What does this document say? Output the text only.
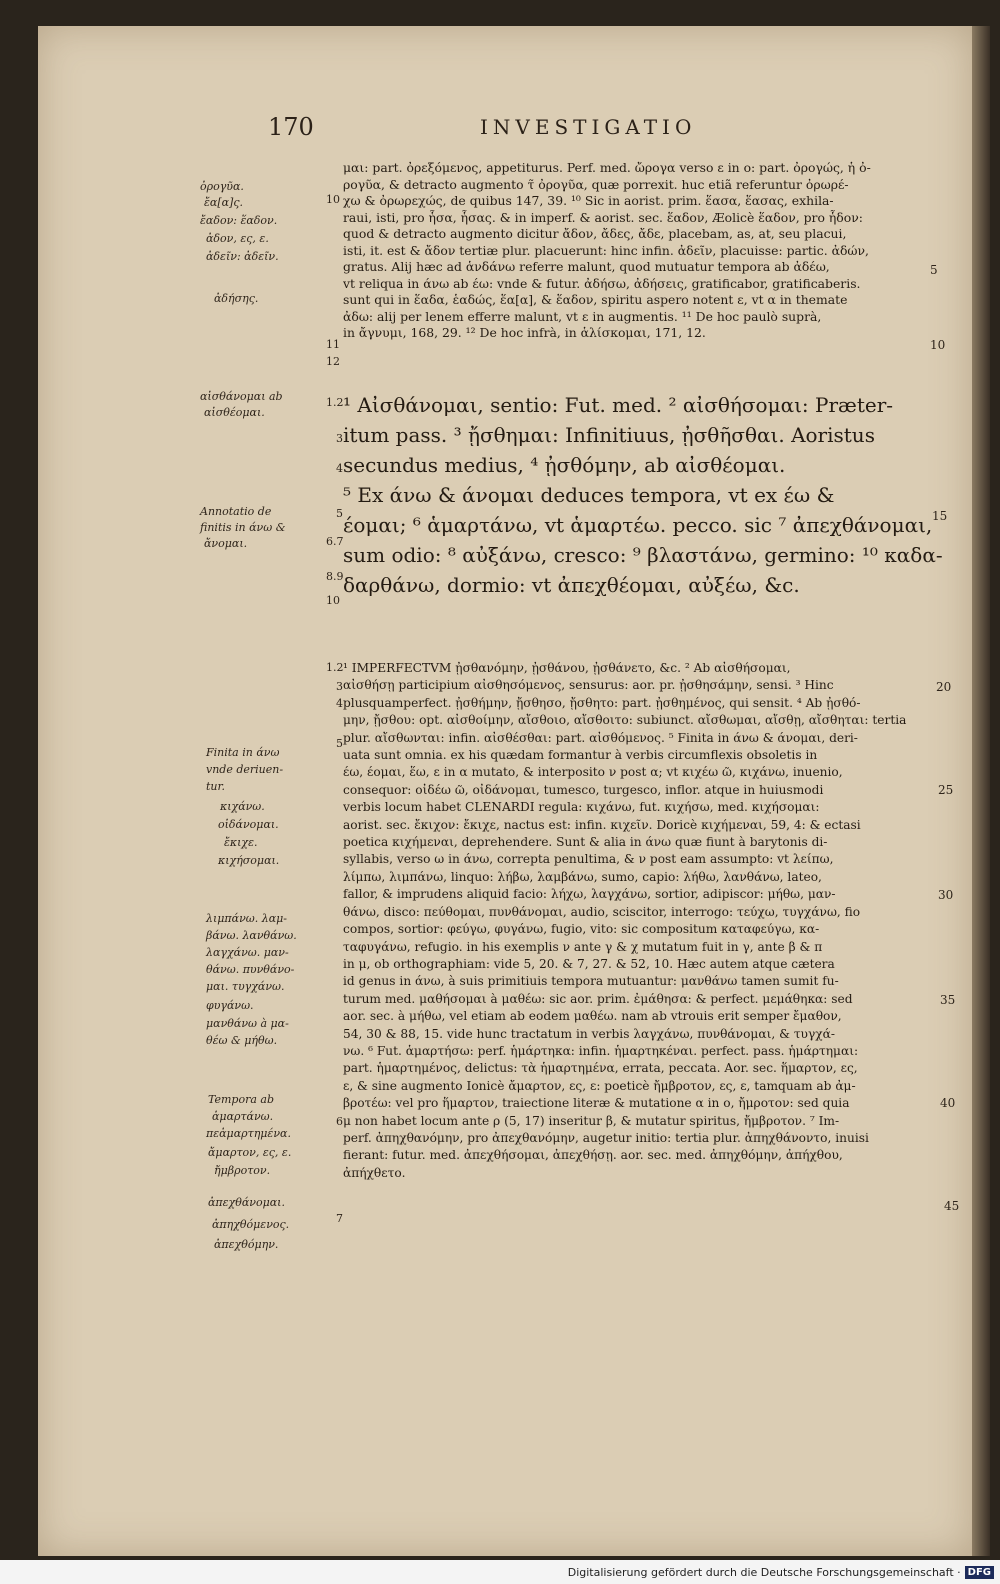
170	INVESTIGATIO
ὀρογῦα.
ἔα[α]ς.
ἔαδον: ἕαδον.
ἀδον, ες, ε.
ἀδεῖν: ἀδεῖν.
ἀδήσης.
αἰσθάνομαι ab
αἰσθέομαι.
Annotatio de
finitis in άνω &
ἄνομαι.
Finita in άνω
vnde deriuen-
tur.
κιχάνω.
οἰδάνομαι.
ἔκιχε.
κιχήσομαι.
λιμπάνω. λαμ-
βάνω. λανθάνω.
λαγχάνω. μαν-
θάνω. πυνθάνο-
μαι. τυγχάνω.
φυγάνω.
μανθάνω à μα-
θέω & μήθω.
Tempora ab
ἁμαρτάνω.
πεἁμαρτημένα.
ἄμαρτον, ες, ε.
ἤμβροτον.
ἀπεχθάνομαι.
ἀπηχθόμενος.
ἀπεχθόμην.
10
11
12
1.2
3
4
5
6.7
8.9
10
1.2
3
4
5
6
7
5
10
15
20
25
30
35
40
45
μαι: part. ὀρεξόμενος, appetiturus. Perf. med. ὤρογα verso ε in ο: part. ὀρογώς, ἡ ὀ-
ρογῦα, & detracto augmento τ̃ ὀρογῦα, quæ porrexit. huc etiã referuntur ὀρωρέ-
χω & ὀρωρεχώς, de quibus 147, 39. ¹⁰ Sic in aorist. prim. ἕασα, ἕασας, exhila-
raui, isti, pro ἧσα, ἧσας. & in imperf. & aorist. sec. ἕαδον, Æolicè ἕαδον, pro ἧδον:
quod & detracto augmento dicitur ἄδον, ἄδες, ἄδε, placebam, as, at, seu placui,
isti, it. est & ἄδον tertiæ plur. placuerunt: hinc infin. ἀδεῖν, placuisse: partic. ἀδών,
gratus. Alij hæc ad ἁνδάνω referre malunt, quod mutuatur tempora ab ἀδέω,
vt reliqua in άνω ab έω: vnde & futur. ἀδήσω, ἀδήσεις, gratificabor, gratificaberis.
sunt qui in ἕαδα, ἑαδώς, ἕα[α], & ἕαδον, spiritu aspero notent ε, vt α in themate
ἀδω: alij per lenem efferre malunt, vt ε in augmentis. ¹¹ De hoc paulò suprà,
in ἄγνυμι, 168, 29. ¹² De hoc infrà, in ἁλίσκομαι, 171, 12.
¹ Αἰσθάνομαι, sentio: Fut. med. ² αἰσθήσομαι: Præter-
itum pass. ³ ᾔσθημαι: Infinitiuus, ᾐσθῆσθαι. Aoristus
secundus medius, ⁴ ᾐσθόμην, ab αἰσθέομαι.
⁵ Ex άνω & άνομαι deduces tempora, vt ex έω &
έομαι; ⁶ ἁμαρτάνω, vt ἁμαρτέω. pecco. sic ⁷ ἀπεχθάνομαι,
sum odio: ⁸ αὐξάνω, cresco: ⁹ βλαστάνω, germino: ¹⁰ καδα-
δαρθάνω, dormio: vt ἀπεχθέομαι, αὐξέω, &c.
¹ IMPERFECTVM ᾐσθανόμην, ᾐσθάνου, ᾐσθάνετο, &c. ² Ab αἰσθήσομαι,
αἰσθήσῃ participium αἰσθησόμενος, sensurus: aor. pr. ᾐσθησάμην, sensi. ³ Hinc
plusquamperfect. ᾐσθήμην, ᾔσθησο, ᾔσθητο: part. ᾐσθημένος, qui sensit. ⁴ Ab ᾐσθό-
μην, ᾔσθου: opt. αἰσθοίμην, αἴσθοιο, αἴσθοιτο: subiunct. αἴσθωμαι, αἴσθῃ, αἴσθηται: tertia
plur. αἴσθωνται: infin. αἰσθέσθαι: part. αἰσθόμενος. ⁵ Finita in άνω & άνομαι, deri-
uata sunt omnia. ex his quædam formantur à verbis circumflexis obsoletis in
έω, έομαι, ἕω, ε in α mutato, & interposito ν post α; vt κιχέω ῶ, κιχάνω, inuenio,
consequor: οἰδέω ῶ, οἰδάνομαι, tumesco, turgesco, inflor. atque in huiusmodi
verbis locum habet CLENARDI regula: κιχάνω, fut. κιχήσω, med. κιχήσομαι:
aorist. sec. ἔκιχον: ἔκιχε, nactus est: infin. κιχεῖν. Doricè κιχήμεναι, 59, 4: & ectasi
poetica κιχήμεναι, deprehendere. Sunt & alia in άνω quæ fiunt à barytonis di-
syllabis, verso ω in άνω, correpta penultima, & ν post eam assumpto: vt λείπω,
λίμπω, λιμπάνω, linquo: λήβω, λαμβάνω, sumo, capio: λήθω, λανθάνω, lateo,
fallor, & imprudens aliquid facio: λήχω, λαγχάνω, sortior, adipiscor: μήθω, μαν-
θάνω, disco: πεύθομαι, πυνθάνομαι, audio, sciscitor, interrogo: τεύχω, τυγχάνω, fio
compos, sortior: φεύγω, φυγάνω, fugio, vito: sic compositum καταφεύγω, κα-
ταφυγάνω, refugio. in his exemplis ν ante γ & χ mutatum fuit in γ, ante β & π
in μ, ob orthographiam: vide 5, 20. & 7, 27. & 52, 10. Hæc autem atque cætera
id genus in άνω, à suis primitiuis tempora mutuantur: μανθάνω tamen sumit fu-
turum med. μαθήσομαι à μαθέω: sic aor. prim. ἐμάθησα: & perfect. μεμάθηκα: sed
aor. sec. à μήθω, vel etiam ab eodem μαθέω. nam ab vtrouis erit semper ἔμαθον,
54, 30 & 88, 15. vide hunc tractatum in verbis λαγχάνω, πυνθάνομαι, & τυγχά-
νω. ⁶ Fut. ἁμαρτήσω: perf. ἡμάρτηκα: infin. ἡμαρτηκέναι. perfect. pass. ἡμάρτημαι:
part. ἡμαρτημένος, delictus: τὰ ἡμαρτημένα, errata, peccata. Aor. sec. ἥμαρτον, ες,
ε, & sine augmento Ionicè ἄμαρτον, ες, ε: poeticè ἤμβροτον, ες, ε, tamquam ab ἀμ-
βροτέω: vel pro ἥμαρτον, traiectione literæ & mutatione α in ο, ἤμροτον: sed quia
μ non habet locum ante ρ (5, 17) inseritur β, & mutatur spiritus, ἤμβροτον. ⁷ Im-
perf. ἀπηχθανόμην, pro ἀπεχθανόμην, augetur initio: tertia plur. ἀπηχθάνοντο, inuisi
fierant: futur. med. ἀπεχθήσομαι, ἀπεχθήσῃ. aor. sec. med. ἀπηχθόμην, ἀπήχθου,
ἀπήχθετο.
Digitalisierung gefördert durch die Deutsche Forschungsgemeinschaft · DFG
